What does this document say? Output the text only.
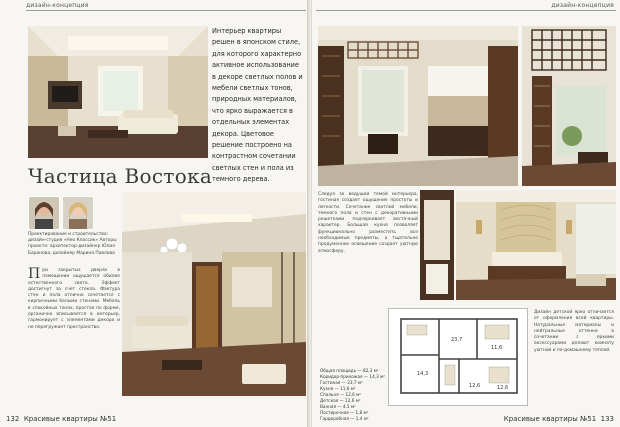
дизайн-концепция
Интерьер квартиры решен в японском стиле, для которого характерно активное использование в декоре светлых полов и мебели светлых тонов, природных материалов, что ярко выражается в отдельных элементах декора. Цветовое решение построено на контрастном сочетании светлых стен и пола из темного дерева.
Частица Востока
Проектирование и строительство: дизайн-студия «Нео Классик» Авторы проекта: архитектор-дизайнер Юлия Баранова, дизайнер Марина Павлова
При закрытых дверях в помещении ощущается обилие естественного света. Эффект достигнут за счет стекла. Фактура стен и пола отлично сочетается с кирпичными белыми стенами. Мебель в спокойных тонах, простая по форме, органично вписывается в интерьер, гармонирует с элементами декора и не перегружает пространство.
132 Красивые квартиры №51
дизайн-концепция
Следуя за ведущей темой интерьера, гостиная создает ощущение простоты и легкости. Сочетание светлой мебели, темного пола и стен с декоративными решетками подчеркивает восточный характер. Большая кухня позволяет функционально разместить все необходимые предметы, а тщательно продуманное освещение создает уютную атмосферу.
14,3
23,7
11,6
12,6	12,6
Общая площадь — 82,3 м²
Коридор-прихожая — 14,3 м²
Гостиная — 23,7 м²
Кухня — 11,6 м²
Спальня — 12,6 м²
Детская — 12,6 м²
Ванная — 4,5 м²
Постирочная — 1,8 м²
Гардеробная — 1,4 м²
Дизайн детской ярко отличается от оформления всей квартиры. Натуральные материалы и нейтральные оттенки в сочетании с яркими аксессуарами делают комнату уютной и по-домашнему теплой.
Красивые квартиры №51 133
